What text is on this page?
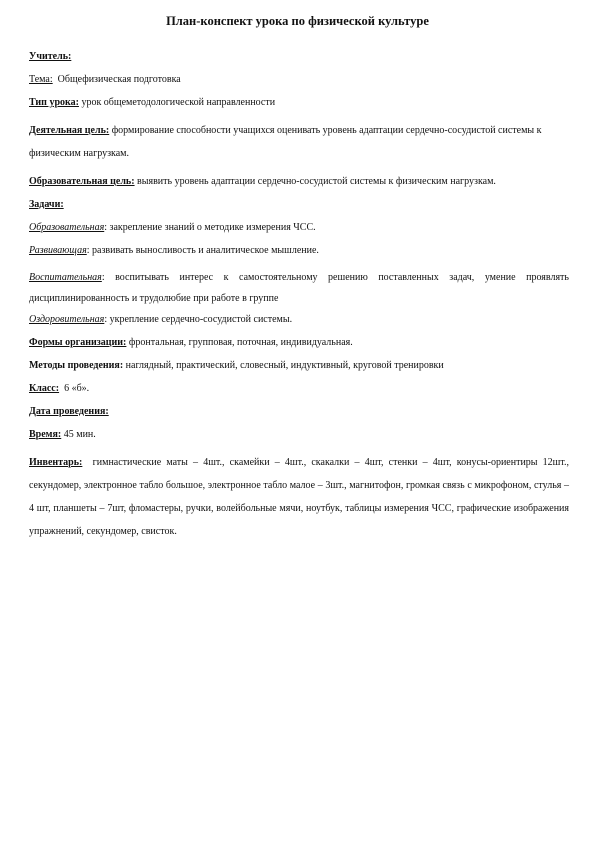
План-конспект урока по физической культуре

Учитель:

Тема: Общефизическая подготовка

Тип урока: урок общеметодологической направленности

Деятельная цель: формирование способности учащихся оценивать уровень адаптации сердечно-сосудистой системы к физическим нагрузкам.

Образовательная цель: выявить уровень адаптации сердечно-сосудистой системы к физическим нагрузкам.

Задачи:

Образовательная: закрепление знаний о методике измерения ЧСС.

Развивающая: развивать выносливость и аналитическое мышление.

Воспитательная: воспитывать интерес к самостоятельному решению поставленных задач, умение проявлять дисциплинированность и трудолюбие при работе в группе

Оздоровительная: укрепление сердечно-сосудистой системы.

Формы организации: фронтальная, групповая, поточная, индивидуальная.

Методы проведения: наглядный, практический, словесный, индуктивный, круговой тренировки

Класс: 6 «б».

Дата проведения:

Время: 45 мин.

Инвентарь: гимнастические маты – 4шт., скамейки – 4шт., скакалки – 4шт, стенки – 4шт, конусы-ориентиры 12шт., секундомер, электронное табло большое, электронное табло малое – 3шт., магнитофон, громкая связь с микрофоном, стулья – 4 шт, планшеты – 7шт, фломастеры, ручки, волейбольные мячи, ноутбук, таблицы измерения ЧСС, графические изображения упражнений, секундомер, свисток.
